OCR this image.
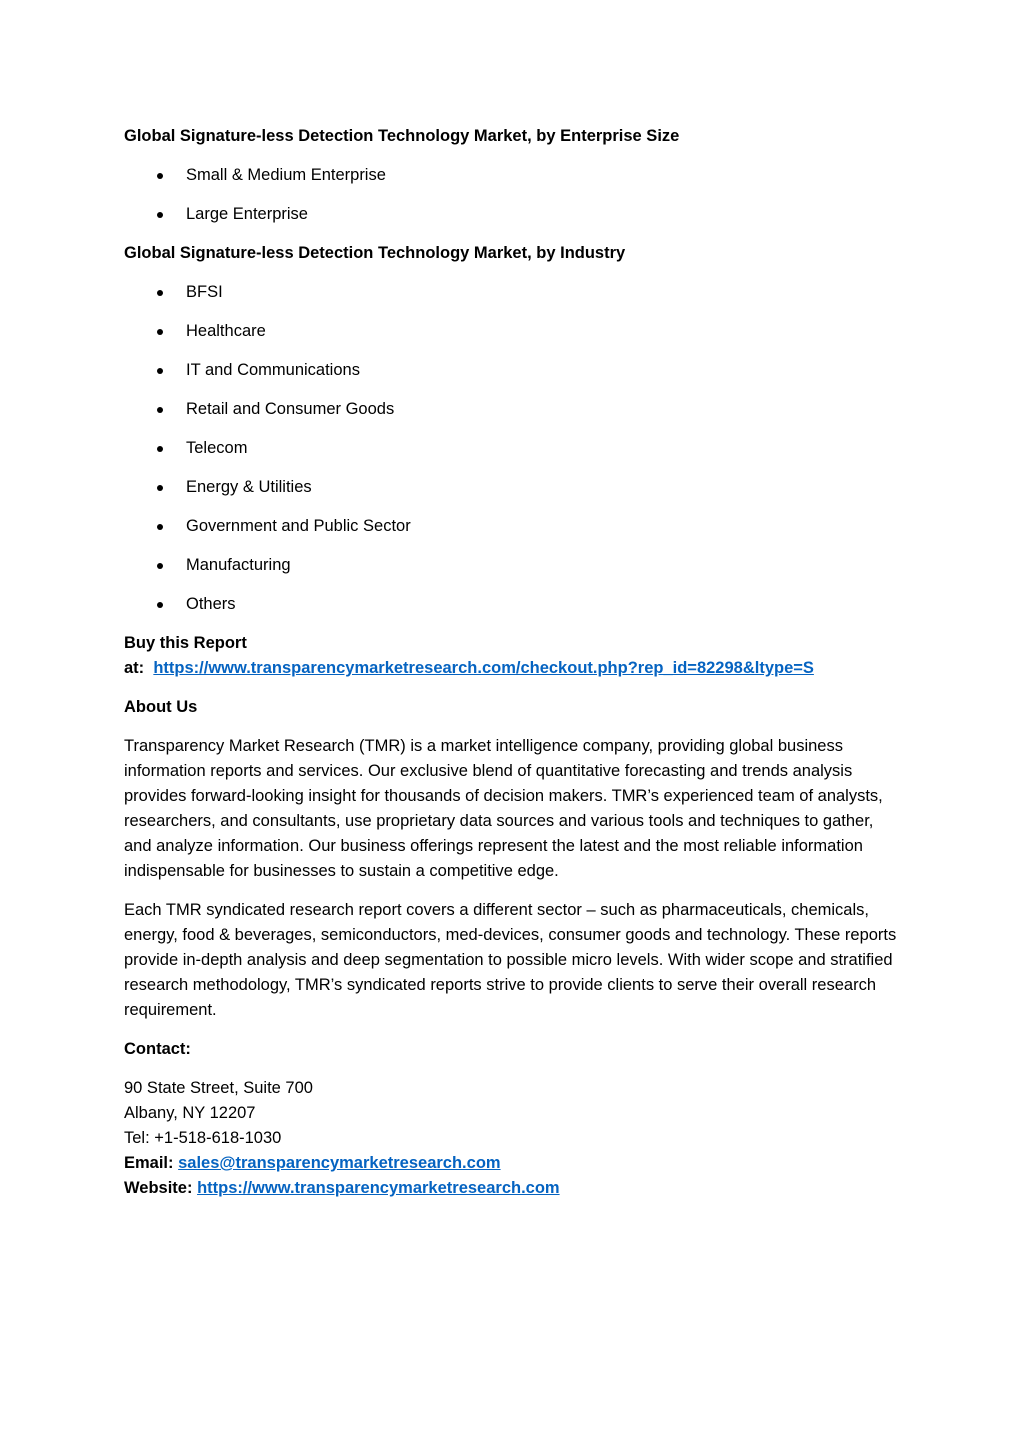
Global Signature-less Detection Technology Market, by Enterprise Size
Small & Medium Enterprise
Large Enterprise
Global Signature-less Detection Technology Market, by Industry
BFSI
Healthcare
IT and Communications
Retail and Consumer Goods
Telecom
Energy & Utilities
Government and Public Sector
Manufacturing
Others
Buy this Report
at: https://www.transparencymarketresearch.com/checkout.php?rep_id=82298&ltype=S
About Us

Transparency Market Research (TMR) is a market intelligence company, providing global business information reports and services. Our exclusive blend of quantitative forecasting and trends analysis provides forward-looking insight for thousands of decision makers. TMR’s experienced team of analysts, researchers, and consultants, use proprietary data sources and various tools and techniques to gather, and analyze information. Our business offerings represent the latest and the most reliable information indispensable for businesses to sustain a competitive edge.

Each TMR syndicated research report covers a different sector – such as pharmaceuticals, chemicals, energy, food & beverages, semiconductors, med-devices, consumer goods and technology. These reports provide in-depth analysis and deep segmentation to possible micro levels. With wider scope and stratified research methodology, TMR’s syndicated reports strive to provide clients to serve their overall research requirement.

Contact:
90 State Street, Suite 700
Albany, NY 12207
Tel: +1-518-618-1030
Email: sales@transparencymarketresearch.com
Website: https://www.transparencymarketresearch.com
